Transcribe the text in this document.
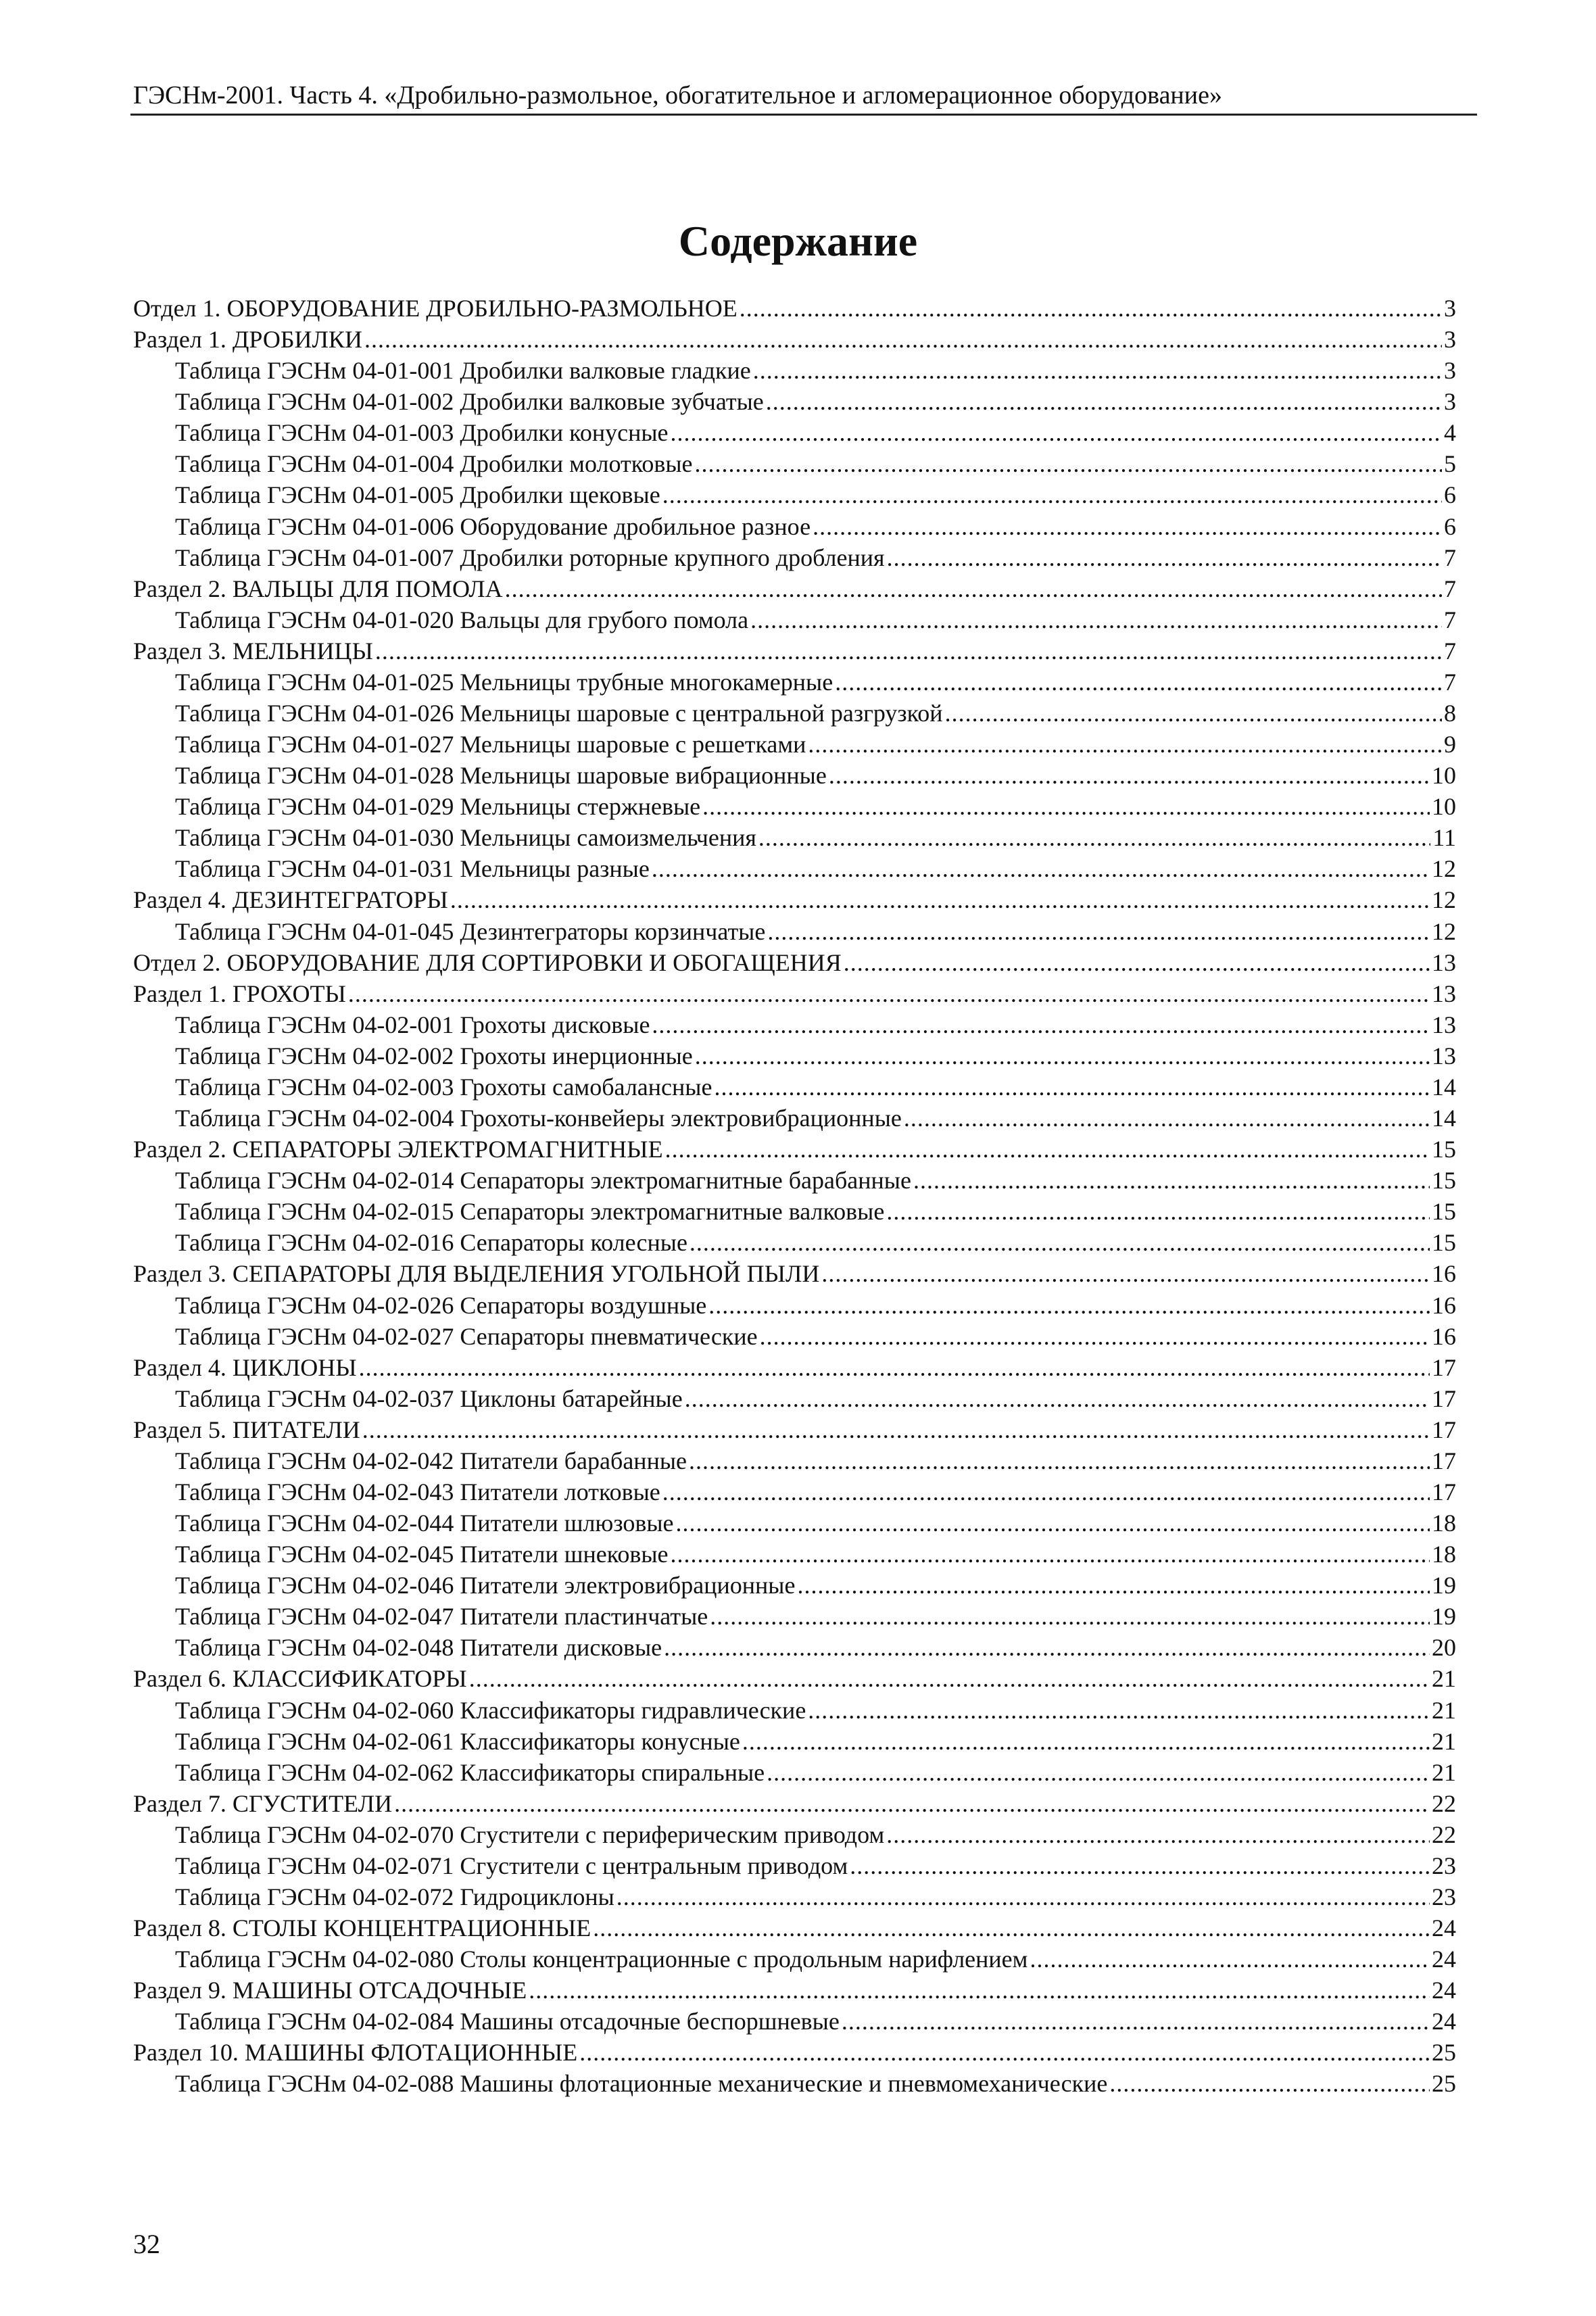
ГЭСНм-2001. Часть 4. «Дробильно-размольное, обогатительное и агломерационное оборудование»
Содержание
Отдел 1. ОБОРУДОВАНИЕ ДРОБИЛЬНО-РАЗМОЛЬНОЕ .....	3
Раздел 1. ДРОБИЛКИ .....	3
Таблица ГЭСНм 04-01-001 Дробилки валковые гладкие .....	3
Таблица ГЭСНм 04-01-002 Дробилки валковые зубчатые .....	3
Таблица ГЭСНм 04-01-003 Дробилки конусные .....	4
Таблица ГЭСНм 04-01-004 Дробилки молотковые .....	5
Таблица ГЭСНм 04-01-005 Дробилки щековые .....	6
Таблица ГЭСНм 04-01-006 Оборудование дробильное разное .....	6
Таблица ГЭСНм 04-01-007 Дробилки роторные крупного дробления .....	7
Раздел 2. ВАЛЬЦЫ ДЛЯ ПОМОЛА .....	7
Таблица ГЭСНм 04-01-020 Вальцы для грубого помола .....	7
Раздел 3. МЕЛЬНИЦЫ .....	7
Таблица ГЭСНм 04-01-025 Мельницы трубные многокамерные .....	7
Таблица ГЭСНм 04-01-026 Мельницы шаровые с центральной разгрузкой .....	8
Таблица ГЭСНм 04-01-027 Мельницы шаровые с решетками .....	9
Таблица ГЭСНм 04-01-028 Мельницы шаровые вибрационные .....	10
Таблица ГЭСНм 04-01-029 Мельницы стержневые .....	10
Таблица ГЭСНм 04-01-030 Мельницы самоизмельчения .....	11
Таблица ГЭСНм 04-01-031 Мельницы разные .....	12
Раздел 4. ДЕЗИНТЕГРАТОРЫ .....	12
Таблица ГЭСНм 04-01-045 Дезинтеграторы корзинчатые .....	12
Отдел 2. ОБОРУДОВАНИЕ ДЛЯ СОРТИРОВКИ И ОБОГАЩЕНИЯ .....	13
Раздел 1. ГРОХОТЫ .....	13
Таблица ГЭСНм 04-02-001 Грохоты дисковые .....	13
Таблица ГЭСНм 04-02-002 Грохоты инерционные .....	13
Таблица ГЭСНм 04-02-003 Грохоты самобалансные .....	14
Таблица ГЭСНм 04-02-004 Грохоты-конвейеры электровибрационные .....	14
Раздел 2. СЕПАРАТОРЫ ЭЛЕКТРОМАГНИТНЫЕ .....	15
Таблица ГЭСНм 04-02-014 Сепараторы электромагнитные барабанные .....	15
Таблица ГЭСНм 04-02-015 Сепараторы электромагнитные валковые .....	15
Таблица ГЭСНм 04-02-016 Сепараторы колесные .....	15
Раздел 3. СЕПАРАТОРЫ ДЛЯ ВЫДЕЛЕНИЯ УГОЛЬНОЙ ПЫЛИ .....	16
Таблица ГЭСНм 04-02-026 Сепараторы воздушные .....	16
Таблица ГЭСНм 04-02-027 Сепараторы пневматические .....	16
Раздел 4. ЦИКЛОНЫ .....	17
Таблица ГЭСНм 04-02-037 Циклоны батарейные .....	17
Раздел 5. ПИТАТЕЛИ .....	17
Таблица ГЭСНм 04-02-042 Питатели барабанные .....	17
Таблица ГЭСНм 04-02-043 Питатели лотковые .....	17
Таблица ГЭСНм 04-02-044 Питатели шлюзовые .....	18
Таблица ГЭСНм 04-02-045 Питатели шнековые .....	18
Таблица ГЭСНм 04-02-046 Питатели электровибрационные .....	19
Таблица ГЭСНм 04-02-047 Питатели пластинчатые .....	19
Таблица ГЭСНм 04-02-048 Питатели дисковые .....	20
Раздел 6. КЛАССИФИКАТОРЫ .....	21
Таблица ГЭСНм 04-02-060 Классификаторы гидравлические .....	21
Таблица ГЭСНм 04-02-061 Классификаторы конусные .....	21
Таблица ГЭСНм 04-02-062 Классификаторы спиральные .....	21
Раздел 7. СГУСТИТЕЛИ .....	22
Таблица ГЭСНм 04-02-070 Сгустители с периферическим приводом .....	22
Таблица ГЭСНм 04-02-071 Сгустители с центральным приводом .....	23
Таблица ГЭСНм 04-02-072 Гидроциклоны .....	23
Раздел 8. СТОЛЫ КОНЦЕНТРАЦИОННЫЕ .....	24
Таблица ГЭСНм 04-02-080 Столы концентрационные с продольным нарифлением .....	24
Раздел 9. МАШИНЫ ОТСАДОЧНЫЕ .....	24
Таблица ГЭСНм 04-02-084 Машины отсадочные беспоршневые .....	24
Раздел 10. МАШИНЫ ФЛОТАЦИОННЫЕ .....	25
Таблица ГЭСНм 04-02-088 Машины флотационные механические и пневмомеханические .....	25
32
